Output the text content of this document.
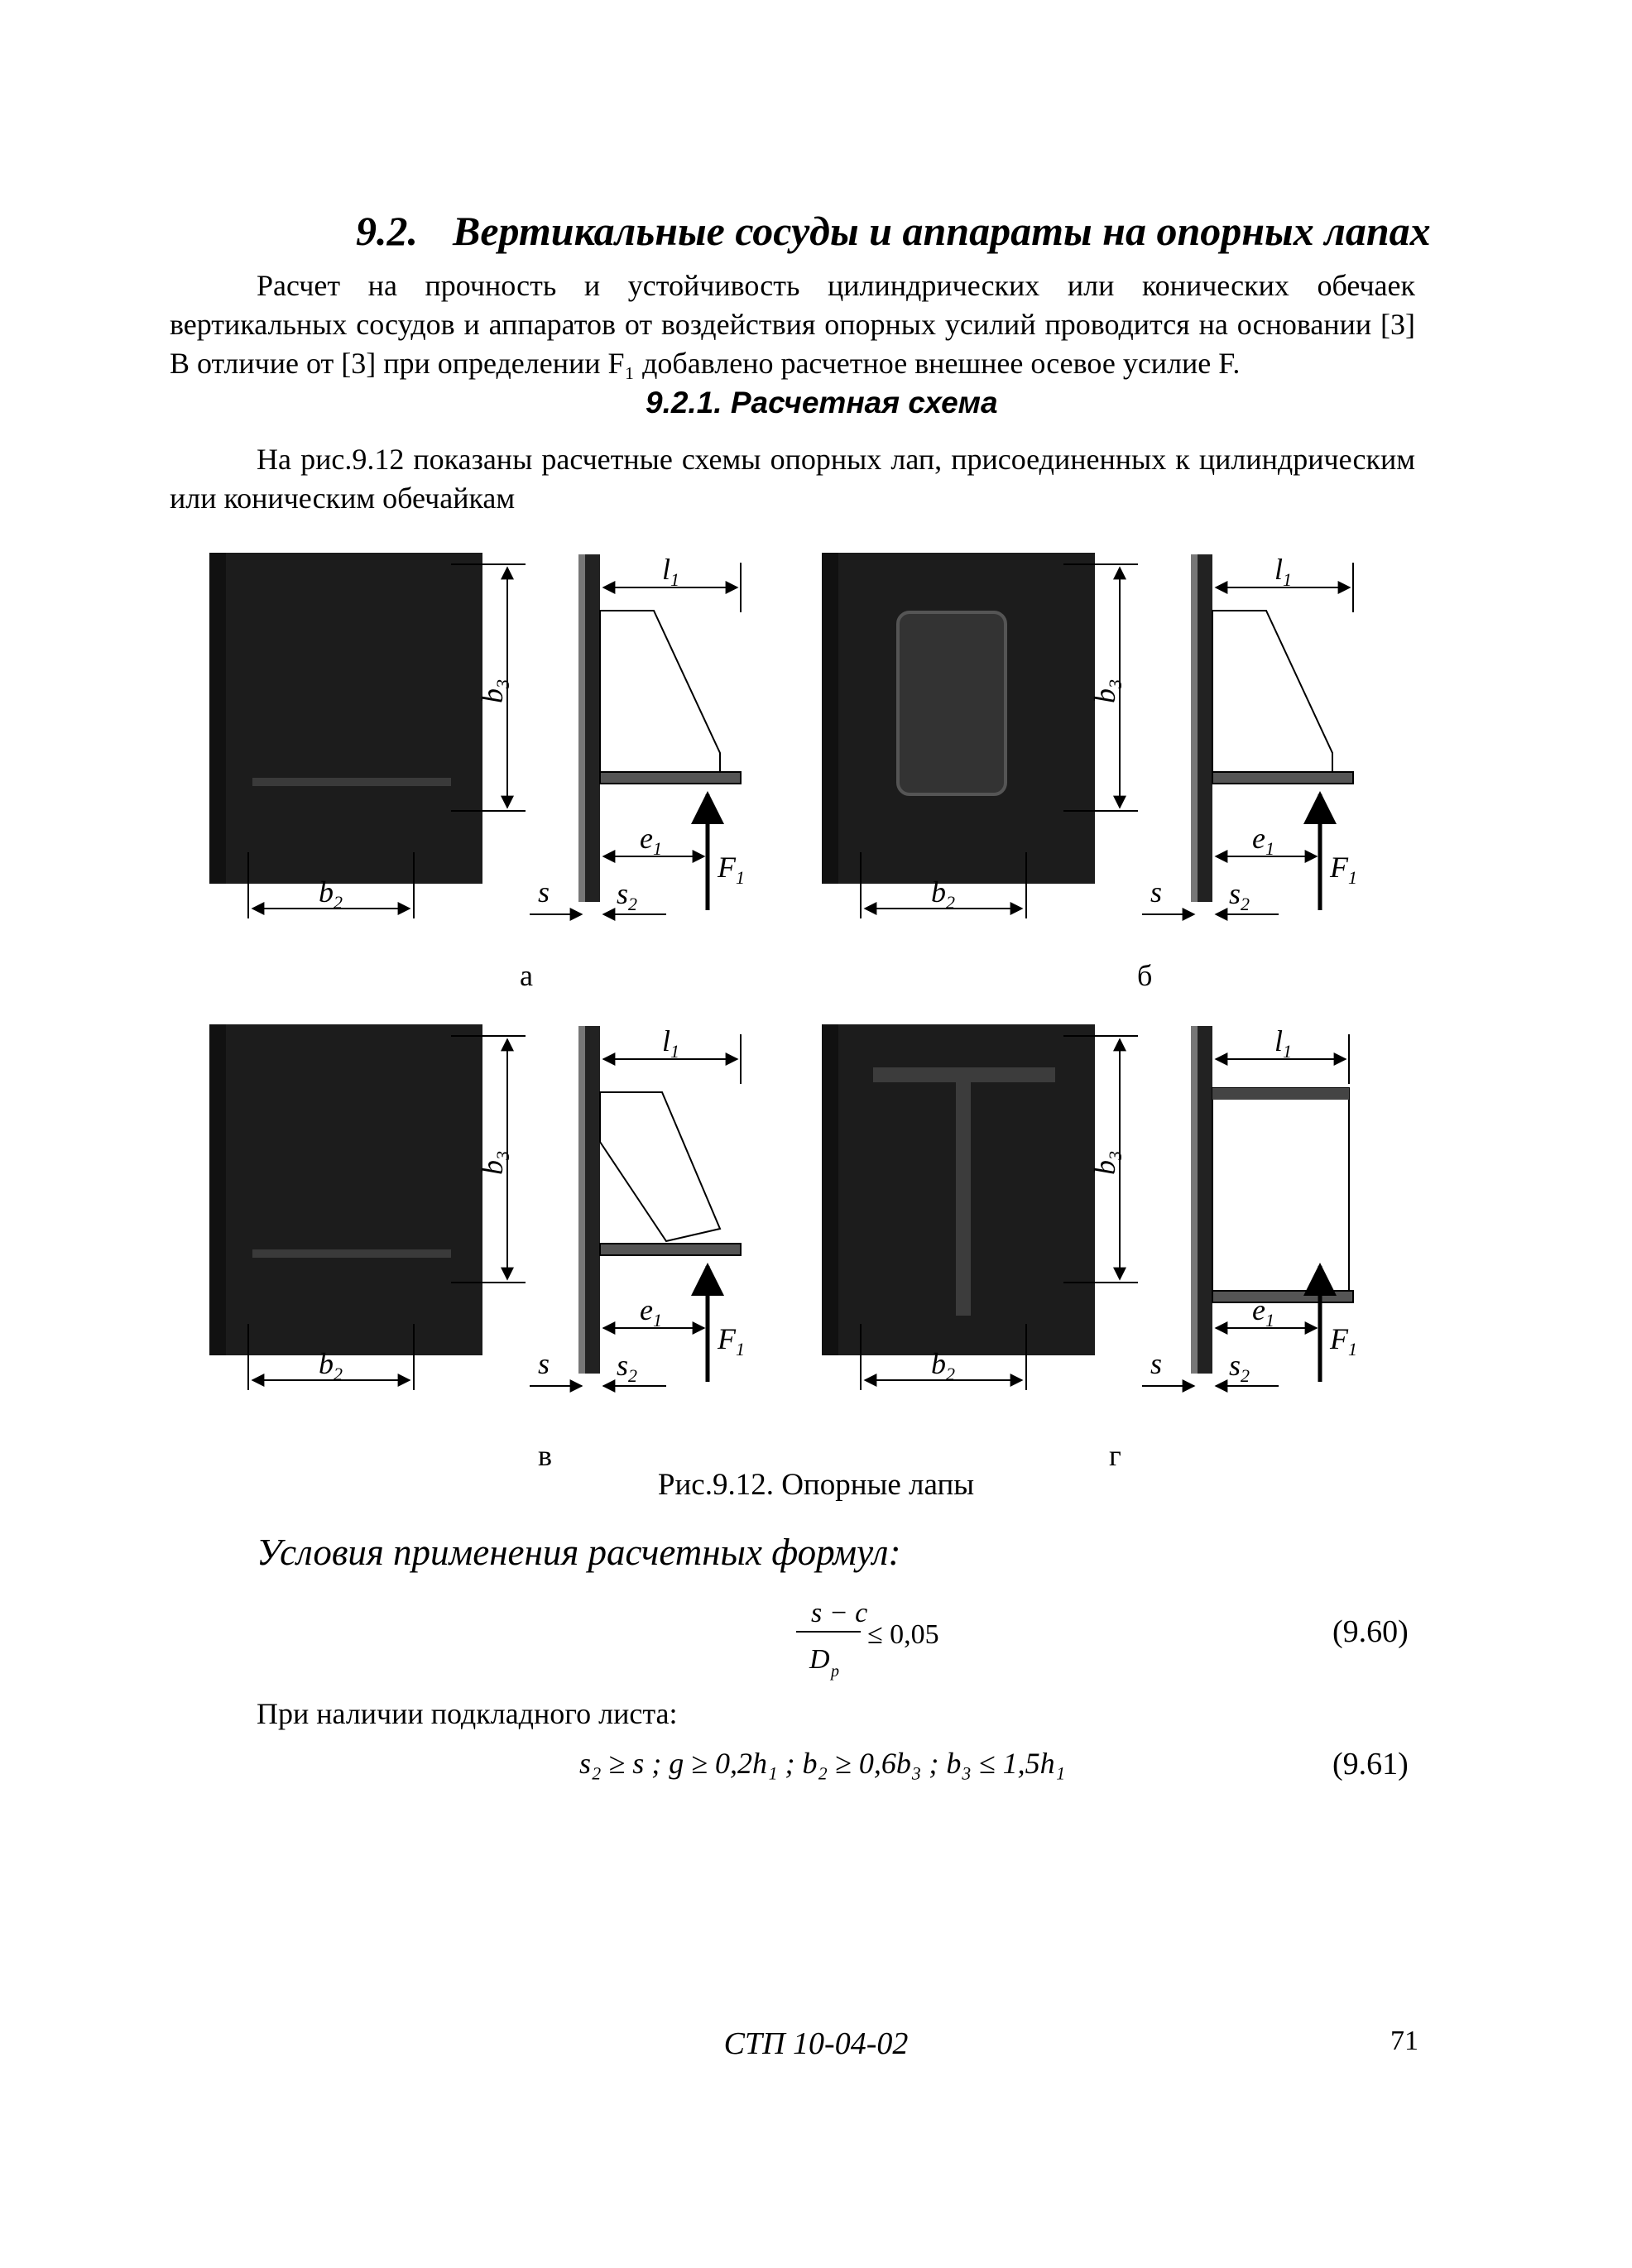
9.2. Вертикальные сосуды и аппараты на опорных лапах
Расчет на прочность и устойчивость цилиндрических или конических обечаек вертикальных сосудов и аппаратов от воздействия опорных усилий проводится на основании [3] В отличие от [3] при определении F₁ добавлено расчетное внешнее осевое усилие F.
9.2.1. Расчетная схема
На рис.9.12 показаны расчетные схемы опорных лап, присоединенных к цилиндрическим или коническим обечайкам
$b_3$
$b_2$
$l_1$
$e_1$
$F_1$
s $s_2$
$b_3$
$b_2$
$l_1$
$e_1$
$F_1$
s $s_2$
$b_3$
$b_2$
$l_1$
$e_1$
$F_1$
s $s_2$
$b_3$
$b_2$
$l_1$
$e_1$
$F_1$
s $s_2$
а	б
в	г
Рис.9.12. Опорные лапы
Условия применения расчетных формул:
s − c
D p
≤ 0,05	(9.60)
При наличии подкладного листа:
s₂ ≥ s ; g ≥ 0,2h₁ ; b₂ ≥ 0,6b₃ ; b₃ ≤ 1,5h₁	(9.61)
СТП 10-04-02	71
